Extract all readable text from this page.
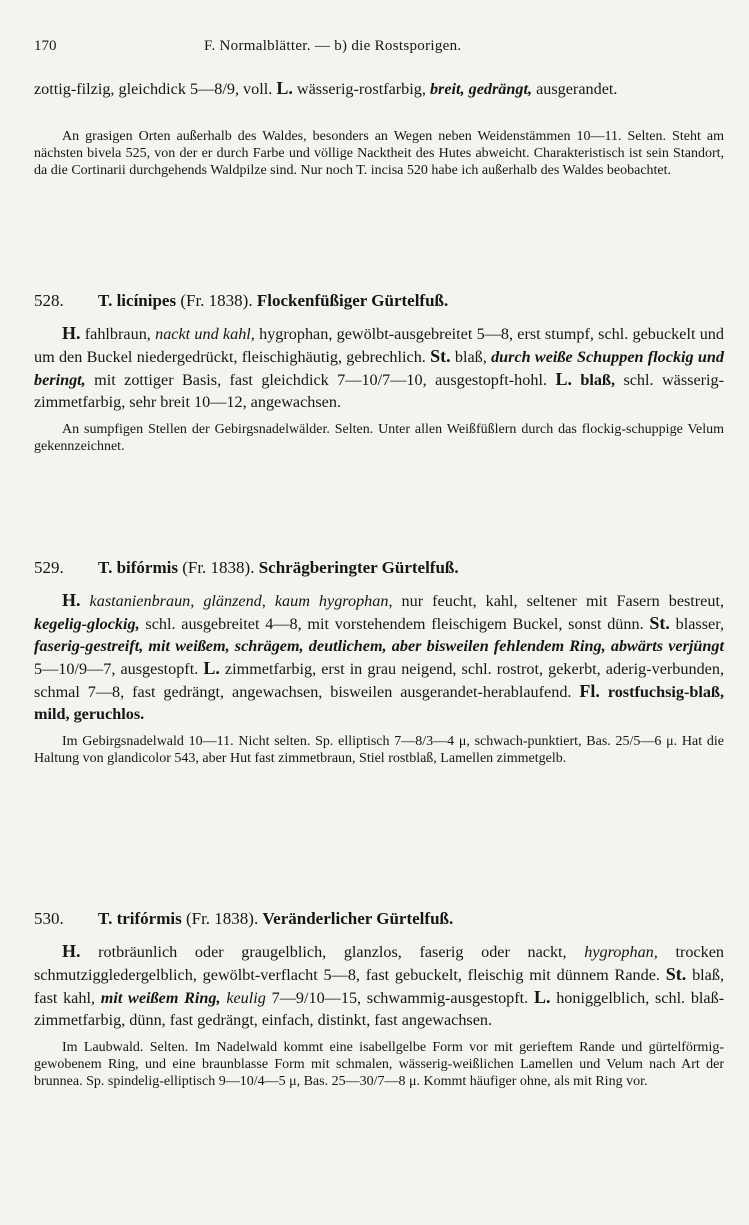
170	F. Normalblätter. — b) die Rostsporigen.

zottig-filzig, gleichdick 5—8/9, voll. L. wässerig-rostfarbig, breit, gedrängt, ausgerandet.

An grasigen Orten außerhalb des Waldes, besonders an Wegen neben Weidenstämmen 10—11. Selten. Steht am nächsten bivela 525, von der er durch Farbe und völlige Nacktheit des Hutes abweicht. Charakteristisch ist sein Standort, da die Cortinarii durchgehends Waldpilze sind. Nur noch T. incisa 520 habe ich außerhalb des Waldes beobachtet.

528. T. licínipes (Fr. 1838). Flockenfüßiger Gürtelfuß.

H. fahlbraun, nackt und kahl, hygrophan, gewölbt-ausgebreitet 5—8, erst stumpf, schl. gebuckelt und um den Buckel niedergedrückt, fleischighäutig, gebrechlich. St. blaß, durch weiße Schuppen flockig und beringt, mit zottiger Basis, fast gleichdick 7—10/7—10, ausgestopft-hohl. L. blaß, schl. wässerig-zimmetfarbig, sehr breit 10—12, angewachsen.

An sumpfigen Stellen der Gebirgsnadelwälder. Selten. Unter allen Weißfüßlern durch das flockig-schuppige Velum gekennzeichnet.

529. T. bifórmis (Fr. 1838). Schrägberingter Gürtelfuß.

H. kastanienbraun, glänzend, kaum hygrophan, nur feucht, kahl, seltener mit Fasern bestreut, kegelig-glockig, schl. ausgebreitet 4—8, mit vorstehendem fleischigem Buckel, sonst dünn. St. blasser, faserig-gestreift, mit weißem, schrägem, deutlichem, aber bisweilen fehlendem Ring, abwärts verjüngt 5—10/9—7, ausgestopft. L. zimmetfarbig, erst in grau neigend, schl. rostrot, gekerbt, aderig-verbunden, schmal 7—8, fast gedrängt, angewachsen, bisweilen ausgerandet-herablaufend. Fl. rostfuchsig-blaß, mild, geruchlos.

Im Gebirgsnadelwald 10—11. Nicht selten. Sp. elliptisch 7—8/3—4 μ, schwach-punktiert, Bas. 25/5—6 μ. Hat die Haltung von glandicolor 543, aber Hut fast zimmetbraun, Stiel rostblaß, Lamellen zimmetgelb.

530. T. trifórmis (Fr. 1838). Veränderlicher Gürtelfuß.

H. rotbräunlich oder graugelblich, glanzlos, faserig oder nackt, hygrophan, trocken schmutziggledergelblich, gewölbt-verflacht 5—8, fast gebuckelt, fleischig mit dünnem Rande. St. blaß, fast kahl, mit weißem Ring, keulig 7—9/10—15, schwammig-ausgestopft. L. honiggelblich, schl. blaß-zimmetfarbig, dünn, fast gedrängt, einfach, distinkt, fast angewachsen.

Im Laubwald. Selten. Im Nadelwald kommt eine isabellgelbe Form vor mit gerieftem Rande und gürtelförmig-gewobenem Ring, und eine braunblasse Form mit schmalen, wässerig-weißlichen Lamellen und Velum nach Art der brunnea. Sp. spindelig-elliptisch 9—10/4—5 μ, Bas. 25—30/7—8 μ. Kommt häufiger ohne, als mit Ring vor.
